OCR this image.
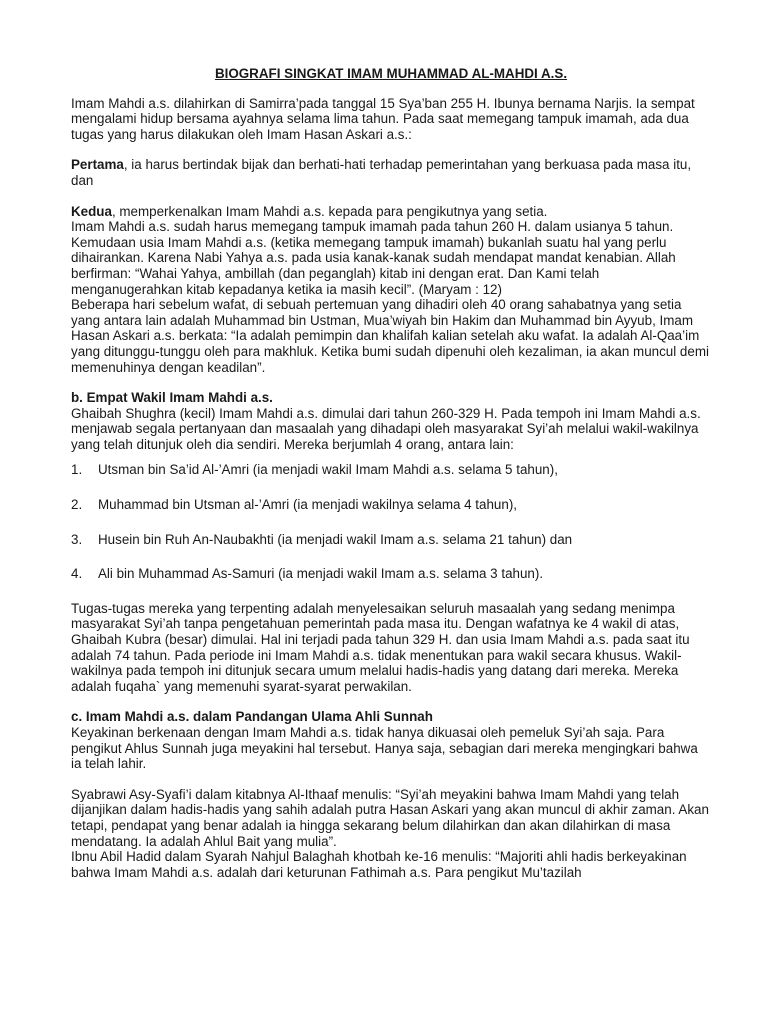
BIOGRAFI SINGKAT IMAM MUHAMMAD AL-MAHDI A.S.

Imam Mahdi a.s. dilahirkan di Samirra’pada tanggal 15 Sya’ban 255 H. Ibunya bernama Narjis. Ia sempat mengalami hidup bersama ayahnya selama lima tahun. Pada saat memegang tampuk imamah, ada dua tugas yang harus dilakukan oleh Imam Hasan Askari a.s.:

Pertama, ia harus bertindak bijak dan berhati-hati terhadap pemerintahan yang berkuasa pada masa itu, dan

Kedua, memperkenalkan Imam Mahdi a.s. kepada para pengikutnya yang setia.

Imam Mahdi a.s. sudah harus memegang tampuk imamah pada tahun 260 H. dalam usianya 5 tahun. Kemudaan usia Imam Mahdi a.s. (ketika memegang tampuk imamah) bukanlah suatu hal yang perlu dihairankan. Karena Nabi Yahya a.s. pada usia kanak-kanak sudah mendapat mandat kenabian. Allah berfirman: “Wahai Yahya, ambillah (dan peganglah) kitab ini dengan erat. Dan Kami telah menganugerahkan kitab kepadanya ketika ia masih kecil”. (Maryam : 12)

Beberapa hari sebelum wafat, di sebuah pertemuan yang dihadiri oleh 40 orang sahabatnya yang setia yang antara lain adalah Muhammad bin Ustman, Mua’wiyah bin Hakim dan Muhammad bin Ayyub, Imam Hasan Askari a.s. berkata: “Ia adalah pemimpin dan khalifah kalian setelah aku wafat. Ia adalah Al-Qaa’im yang ditunggu-tunggu oleh para makhluk. Ketika bumi sudah dipenuhi oleh kezaliman, ia akan muncul demi memenuhinya dengan keadilan”.

b. Empat Wakil Imam Mahdi a.s.

Ghaibah Shughra (kecil) Imam Mahdi a.s. dimulai dari tahun 260-329 H. Pada tempoh ini Imam Mahdi a.s. menjawab segala pertanyaan dan masaalah yang dihadapi oleh masyarakat Syi’ah melalui wakil-wakilnya yang telah ditunjuk oleh dia sendiri. Mereka berjumlah 4 orang, antara lain:

1.	Utsman bin Sa’id Al-’Amri (ia menjadi wakil Imam Mahdi a.s. selama 5 tahun),
2.	Muhammad bin Utsman al-’Amri (ia menjadi wakilnya selama 4 tahun),
3.	Husein bin Ruh An-Naubakhti (ia menjadi wakil Imam a.s. selama 21 tahun) dan
4.	Ali bin Muhammad As-Samuri (ia menjadi wakil Imam a.s. selama 3 tahun).

Tugas-tugas mereka yang terpenting adalah menyelesaikan seluruh masaalah yang sedang menimpa masyarakat Syi’ah tanpa pengetahuan pemerintah pada masa itu. Dengan wafatnya ke 4 wakil di atas, Ghaibah Kubra (besar) dimulai. Hal ini terjadi pada tahun 329 H. dan usia Imam Mahdi a.s. pada saat itu adalah 74 tahun. Pada periode ini Imam Mahdi a.s. tidak menentukan para wakil secara khusus. Wakil-wakilnya pada tempoh ini ditunjuk secara umum melalui hadis-hadis yang datang dari mereka. Mereka adalah fuqaha` yang memenuhi syarat-syarat perwakilan.

c. Imam Mahdi a.s. dalam Pandangan Ulama Ahli Sunnah

Keyakinan berkenaan dengan Imam Mahdi a.s. tidak hanya dikuasai oleh pemeluk Syi’ah saja. Para pengikut Ahlus Sunnah juga meyakini hal tersebut. Hanya saja, sebagian dari mereka mengingkari bahwa ia telah lahir.

Syabrawi Asy-Syafi’i dalam kitabnya Al-Ithaaf menulis: “Syi’ah meyakini bahwa Imam Mahdi yang telah dijanjikan dalam hadis-hadis yang sahih adalah putra Hasan Askari yang akan muncul di akhir zaman. Akan tetapi, pendapat yang benar adalah ia hingga sekarang belum dilahirkan dan akan dilahirkan di masa mendatang. Ia adalah Ahlul Bait yang mulia”.

Ibnu Abil Hadid dalam Syarah Nahjul Balaghah khotbah ke-16 menulis: “Majoriti ahli hadis berkeyakinan bahwa Imam Mahdi a.s. adalah dari keturunan Fathimah a.s. Para pengikut Mu’tazilah
